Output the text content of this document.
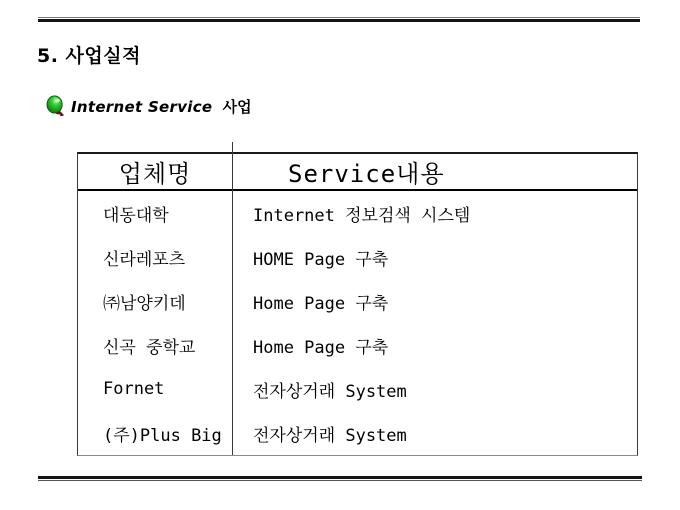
5. 사업실적
Internet Service 사업
업체명	Service내용
대동대학	Internet 정보검색 시스템
신라레포츠	HOME Page 구축
㈜남양키데	Home Page 구축
신곡 중학교	Home Page 구축
Fornet	전자상거래 System
(주)Plus Big	전자상거래 System
